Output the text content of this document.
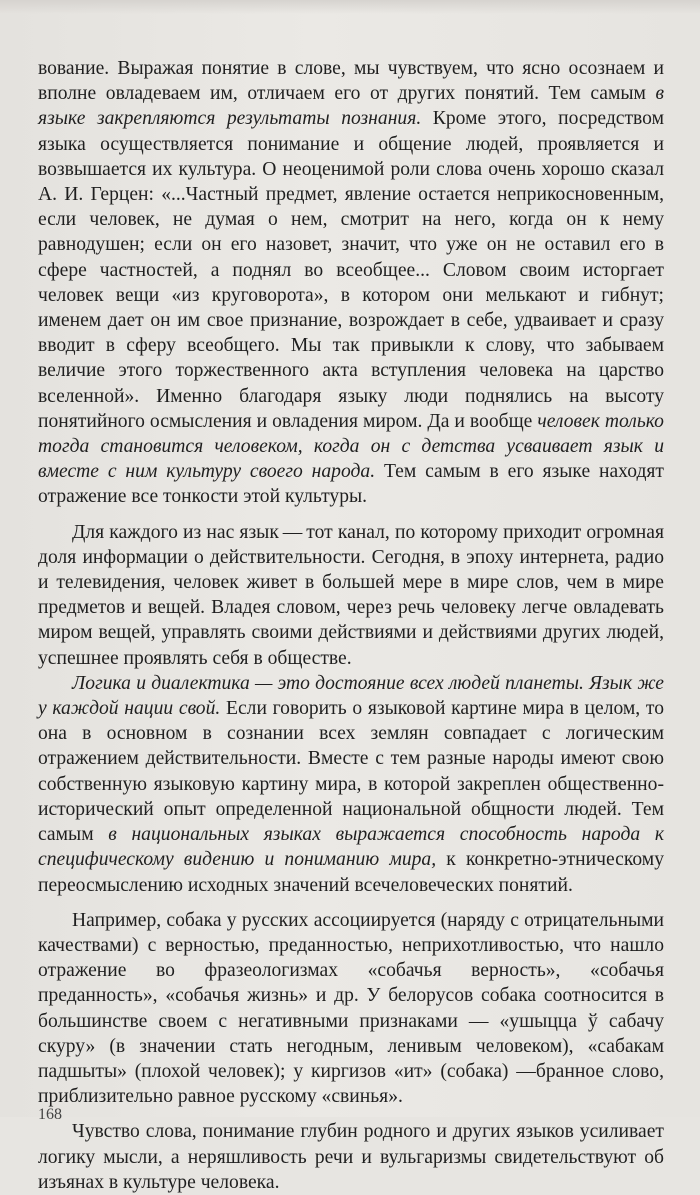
вование. Выражая понятие в слове, мы чувствуем, что ясно осознаем и вполне овладеваем им, отличаем его от других понятий. Тем самым в языке закрепляются результаты познания. Кроме этого, посредством языка осуществляется понимание и общение людей, проявляется и возвышается их культура. О неоценимой роли слова очень хорошо сказал А. И. Герцен: «...Частный предмет, явление остается неприкосновенным, если человек, не думая о нем, смотрит на него, когда он к нему равнодушен; если он его назовет, значит, что уже он не оставил его в сфере частностей, а поднял во всеобщее... Словом своим исторгает человек вещи «из круговорота», в котором они мелькают и гибнут; именем дает он им свое признание, возрождает в себе, удваивает и сразу вводит в сферу всеобщего. Мы так привыкли к слову, что забываем величие этого торжественного акта вступления человека на царство вселенной». Именно благодаря языку люди поднялись на высоту понятийного осмысления и овладения миром. Да и вообще человек только тогда становится человеком, когда он с детства усваивает язык и вместе с ним культуру своего народа. Тем самым в его языке находят отражение все тонкости этой культуры.

Для каждого из нас язык — тот канал, по которому приходит огромная доля информации о действительности. Сегодня, в эпоху интернета, радио и телевидения, человек живет в большей мере в мире слов, чем в мире предметов и вещей. Владея словом, через речь человеку легче овладевать миром вещей, управлять своими действиями и действиями других людей, успешнее проявлять себя в обществе.

Логика и диалектика — это достояние всех людей планеты. Язык же у каждой нации свой. Если говорить о языковой картине мира в целом, то она в основном в сознании всех землян совпадает с логическим отражением действительности. Вместе с тем разные народы имеют свою собственную языковую картину мира, в которой закреплен общественно-исторический опыт определенной национальной общности людей. Тем самым в национальных языках выражается способность народа к специфическому видению и пониманию мира, к конкретно-этническому переосмыслению исходных значений всечеловеческих понятий.

Например, собака у русских ассоциируется (наряду с отрицательными качествами) с верностью, преданностью, неприхотливостью, что нашло отражение во фразеологизмах «собачья верность», «собачья преданность», «собачья жизнь» и др. У белорусов собака соотносится в большинстве своем с негативными признаками — «ушыцца ў сабачу скуру» (в значении стать негодным, ленивым человеком), «сабакам падшыты» (плохой человек); у киргизов «ит» (собака) —бранное слово, приблизительно равное русскому «свинья».

Чувство слова, понимание глубин родного и других языков усиливает логику мысли, а неряшливость речи и вульгаризмы свидетельствуют об изъянах в культуре человека.

168
